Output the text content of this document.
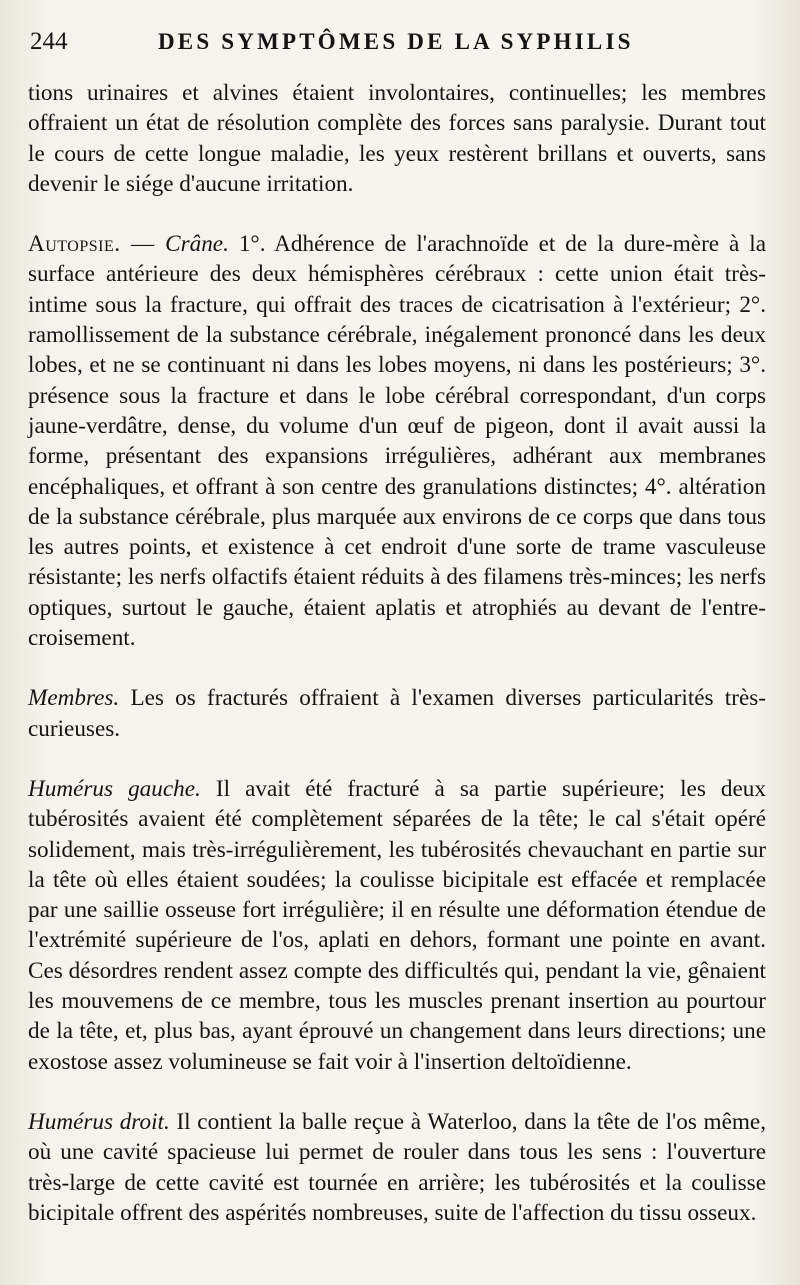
244	DES SYMPTÔMES DE LA SYPHILIS

tions urinaires et alvines étaient involontaires, continuelles; les membres offraient un état de résolution complète des forces sans paralysie. Durant tout le cours de cette longue maladie, les yeux restèrent brillans et ouverts, sans devenir le siége d'aucune irritation.

Autopsie. — Crâne. 1°. Adhérence de l'arachnoïde et de la dure-mère à la surface antérieure des deux hémisphères cérébraux : cette union était très-intime sous la fracture, qui offrait des traces de cicatrisation à l'extérieur; 2°. ramollissement de la substance cérébrale, inégalement prononcé dans les deux lobes, et ne se continuant ni dans les lobes moyens, ni dans les postérieurs; 3°. présence sous la fracture et dans le lobe cérébral correspondant, d'un corps jaune-verdâtre, dense, du volume d'un œuf de pigeon, dont il avait aussi la forme, présentant des expansions irrégulières, adhérant aux membranes encéphaliques, et offrant à son centre des granulations distinctes; 4°. altération de la substance cérébrale, plus marquée aux environs de ce corps que dans tous les autres points, et existence à cet endroit d'une sorte de trame vasculeuse résistante; les nerfs olfactifs étaient réduits à des filamens très-minces; les nerfs optiques, surtout le gauche, étaient aplatis et atrophiés au devant de l'entre-croisement.

Membres. Les os fracturés offraient à l'examen diverses particularités très-curieuses.

Humérus gauche. Il avait été fracturé à sa partie supérieure; les deux tubérosités avaient été complètement séparées de la tête; le cal s'était opéré solidement, mais très-irrégulièrement, les tubérosités chevauchant en partie sur la tête où elles étaient soudées; la coulisse bicipitale est effacée et remplacée par une saillie osseuse fort irrégulière; il en résulte une déformation étendue de l'extrémité supérieure de l'os, aplati en dehors, formant une pointe en avant. Ces désordres rendent assez compte des difficultés qui, pendant la vie, gênaient les mouvemens de ce membre, tous les muscles prenant insertion au pourtour de la tête, et, plus bas, ayant éprouvé un changement dans leurs directions; une exostose assez volumineuse se fait voir à l'insertion deltoïdienne.

Humérus droit. Il contient la balle reçue à Waterloo, dans la tête de l'os même, où une cavité spacieuse lui permet de rouler dans tous les sens : l'ouverture très-large de cette cavité est tournée en arrière; les tubérosités et la coulisse bicipitale offrent des aspérités nombreuses, suite de l'affection du tissu osseux.
